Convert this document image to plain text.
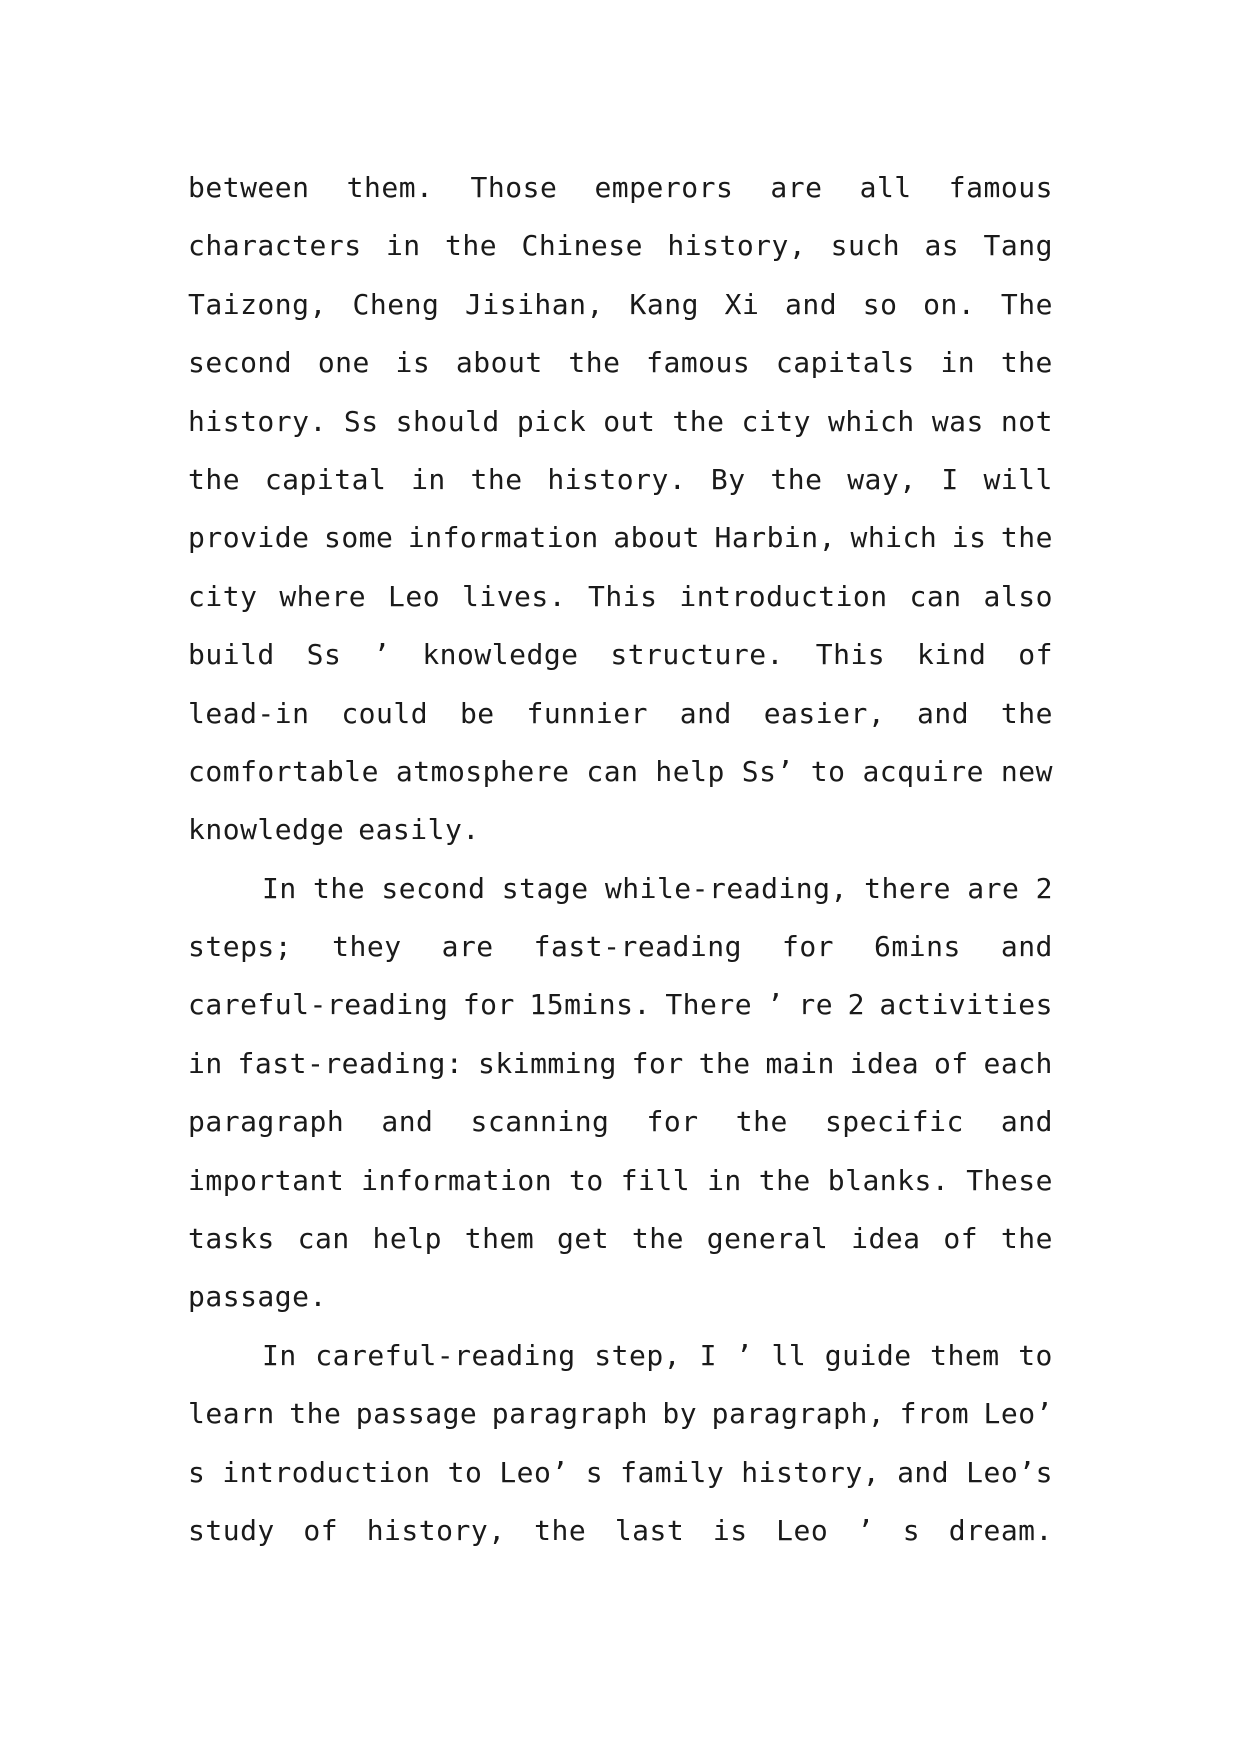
between them. Those emperors are all famous
characters in the Chinese history, such as Tang
Taizong, Cheng Jisihan, Kang Xi and so on. The
second one is about the famous capitals in the
history. Ss should pick out the city which was not
the capital in the history. By the way, I will
provide some information about Harbin, which is the
city where Leo lives. This introduction can also
build Ss ’ knowledge structure. This kind of
lead-in could be funnier and easier, and the
comfortable atmosphere can help Ss’ to acquire new
knowledge easily.
In the second stage while-reading, there are 2
steps; they are fast-reading for 6mins and
careful-reading for 15mins. There ’ re 2 activities
in fast-reading: skimming for the main idea of each
paragraph and scanning for the specific and
important information to fill in the blanks. These
tasks can help them get the general idea of the
passage.
In careful-reading step, I ’ ll guide them to
learn the passage paragraph by paragraph, from Leo’
s introduction to Leo’ s family history, and Leo’s
study of history, the last is Leo ’ s dream.
